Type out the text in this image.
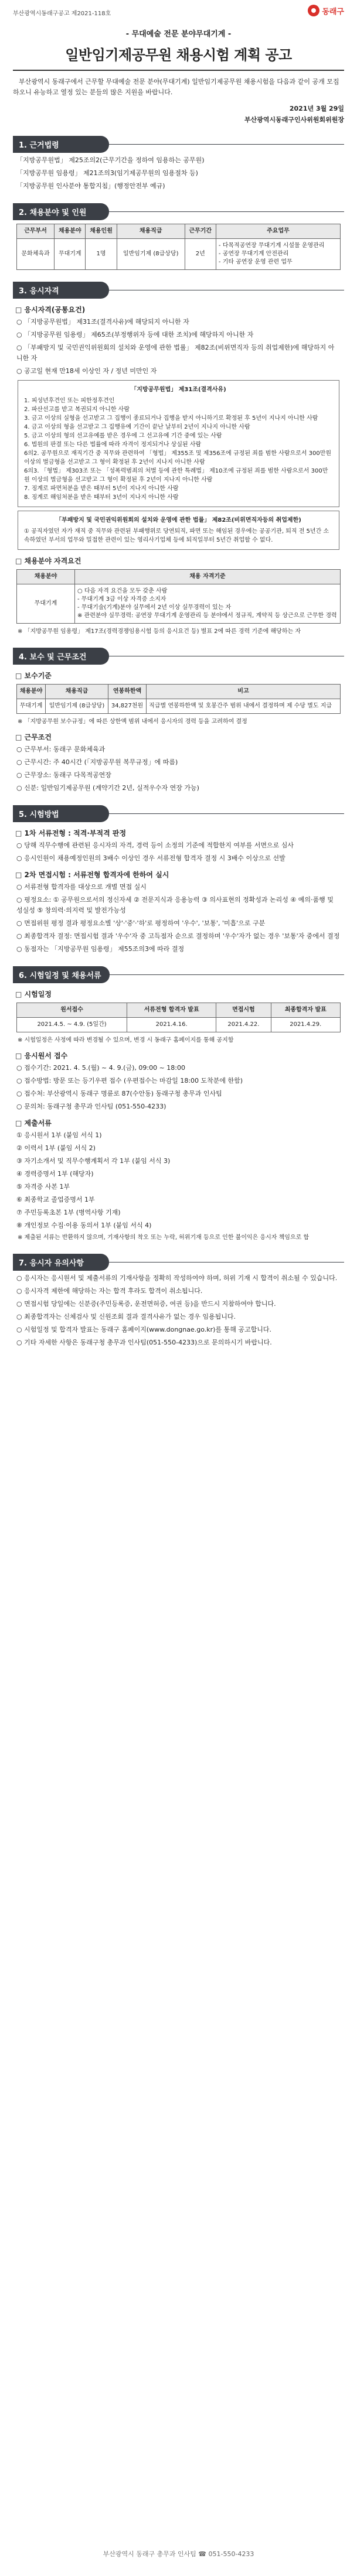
부산광역시동래구공고 제2021-118호	동래구
- 무대예술 전문 분야무대기계 -
일반임기제공무원 채용시험 계획 공고
부산광역시 동래구에서 근무할 무대예술 전문 분야(무대기계) 일반임기제공무원 채용시험을 다음과 같이 공개 모집하오니 유능하고 열정 있는 분들의 많은 지원을 바랍니다.
2021년 3월 29일
부산광역시동래구인사위원회위원장
1. 근거법령
「지방공무원법」 제25조의2(근무기간을 정하여 임용하는 공무원)
「지방공무원 임용령」 제21조의3(임기제공무원의 임용절차 등)
「지방공무원 인사분야 통합지침」(행정안전부 예규)
2. 채용분야 및 인원
근무부서	채용분야	채용인원	채용직급	근무기간	주요업무
문화체육과	무대기계	1명	일반임기제 (8급상당)	2년	- 다목적공연장 무대기계 시설물 운영관리
- 공연장 무대기계 안전관리
- 기타 공연장 운영 관련 업무
3. 응시자격
□ 응시자격(공통요건)
○ 「지방공무원법」 제31조(결격사유)에 해당되지 아니한 자
○ 「지방공무원 임용령」 제65조(부정행위자 등에 대한 조치)에 해당하지 아니한 자
○ 「부패방지 및 국민권익위원회의 설치와 운영에 관한 법률」 제82조(비위면직자 등의 취업제한)에 해당하지 아니한 자
○ 공고일 현재 만18세 이상인 자 / 정년 미만인 자
「지방공무원법」 제31조(결격사유)
1. 피성년후견인 또는 피한정후견인
2. 파산선고를 받고 복권되지 아니한 사람
3. 금고 이상의 실형을 선고받고 그 집행이 종료되거나 집행을 받지 아니하기로 확정된 후 5년이 지나지 아니한 사람
4. 금고 이상의 형을 선고받고 그 집행유예 기간이 끝난 날부터 2년이 지나지 아니한 사람
5. 금고 이상의 형의 선고유예를 받은 경우에 그 선고유예 기간 중에 있는 사람
6. 법원의 판결 또는 다른 법률에 따라 자격이 정지되거나 상실된 사람
6의2. 공무원으로 재직기간 중 직무와 관련하여 「형법」 제355조 및 제356조에 규정된 죄를 범한 사람으로서 300만원 이상의 벌금형을 선고받고 그 형이 확정된 후 2년이 지나지 아니한 사람
6의3. 「형법」 제303조 또는 「성폭력범죄의 처벌 등에 관한 특례법」 제10조에 규정된 죄를 범한 사람으로서 300만원 이상의 벌금형을 선고받고 그 형이 확정된 후 2년이 지나지 아니한 사람
7. 징계로 파면처분을 받은 때부터 5년이 지나지 아니한 사람
8. 징계로 해임처분을 받은 때부터 3년이 지나지 아니한 사람
「부패방지 및 국민권익위원회의 설치와 운영에 관한 법률」 제82조(비위면직자등의 취업제한)
① 공직자였던 자가 재직 중 직무와 관련된 부패행위로 당연퇴직, 파면 또는 해임된 경우에는 공공기관, 퇴직 전 5년간 소속하였던 부서의 업무와 밀접한 관련이 있는 영리사기업체 등에 퇴직일부터 5년간 취업할 수 없다.
□ 채용분야 자격요건
채용분야	채용 자격기준
무대기계	○ 다음 자격 요건을 모두 갖춘 사람
- 무대기계 3급 이상 자격증 소지자
- 무대기술(기계)분야 실무에서 2년 이상 실무경력이 있는 자
※ 관련분야 실무경력: 공연장 무대기계 운영관리 등 분야에서 정규직, 계약직 등 상근으로 근무한 경력
※ 「지방공무원 임용령」 제17조(경력경쟁임용시험 등의 응시요건 등) 별표 2에 따른 경력 기준에 해당하는 자
4. 보수 및 근무조건
□ 보수기준
채용분야	채용직급	연봉하한액	비고
무대기계	일반임기제 (8급상당)	34,827천원	직급별 연봉하한액 및 호봉간주 범위 내에서 결정하며 제 수당 별도 지급
※ 「지방공무원 보수규정」에 따른 상한액 범위 내에서 응시자의 경력 등을 고려하여 결정
□ 근무조건
○ 근무부서: 동래구 문화체육과
○ 근무시간: 주 40시간 (「지방공무원 복무규정」에 따름)
○ 근무장소: 동래구 다목적공연장
○ 신분: 일반임기제공무원 (계약기간 2년, 실적우수자 연장 가능)
5. 시험방법
□ 1차 서류전형 : 적격·부적격 판정
○ 당해 직무수행에 관련된 응시자의 자격, 경력 등이 소정의 기준에 적합한지 여부를 서면으로 심사
○ 응시인원이 채용예정인원의 3배수 이상인 경우 서류전형 합격자 결정 시 3배수 이상으로 선발
□ 2차 면접시험 : 서류전형 합격자에 한하여 실시
○ 서류전형 합격자를 대상으로 개별 면접 실시
○ 평정요소: ① 공무원으로서의 정신자세 ② 전문지식과 응용능력 ③ 의사표현의 정확성과 논리성 ④ 예의·품행 및 성실성 ⑤ 창의력·의지력 및 발전가능성
○ 면접위원 평정 결과 평정요소별 '상'·'중'·'하'로 평정하여 '우수', '보통', '미흡'으로 구분
○ 최종합격자 결정: 면접시험 결과 '우수'자 중 고득점자 순으로 결정하며 '우수'자가 없는 경우 '보통'자 중에서 결정
○ 동점자는 「지방공무원 임용령」 제55조의3에 따라 결정
6. 시험일정 및 채용서류
□ 시험일정
원서접수	서류전형 합격자 발표	면접시험	최종합격자 발표
2021.4.5. ~ 4.9. (5일간)	2021.4.16.	2021.4.22.	2021.4.29.
※ 시험일정은 사정에 따라 변경될 수 있으며, 변경 시 동래구 홈페이지를 통해 공지함
□ 응시원서 접수
○ 접수기간: 2021. 4. 5.(월) ~ 4. 9.(금), 09:00 ~ 18:00
○ 접수방법: 방문 또는 등기우편 접수 (우편접수는 마감일 18:00 도착분에 한함)
○ 접수처: 부산광역시 동래구 명륜로 87(수안동) 동래구청 총무과 인사팀
○ 문의처: 동래구청 총무과 인사팀 (051-550-4233)
□ 제출서류
① 응시원서 1부 (붙임 서식 1)
② 이력서 1부 (붙임 서식 2)
③ 자기소개서 및 직무수행계획서 각 1부 (붙임 서식 3)
④ 경력증명서 1부 (해당자)
⑤ 자격증 사본 1부
⑥ 최종학교 졸업증명서 1부
⑦ 주민등록초본 1부 (병역사항 기재)
⑧ 개인정보 수집·이용 동의서 1부 (붙임 서식 4)
※ 제출된 서류는 반환하지 않으며, 기재사항의 착오 또는 누락, 허위기재 등으로 인한 불이익은 응시자 책임으로 함
7. 응시자 유의사항
○ 응시자는 응시원서 및 제출서류의 기재사항을 정확히 작성하여야 하며, 허위 기재 시 합격이 취소될 수 있습니다.
○ 응시자격 제한에 해당하는 자는 합격 후라도 합격이 취소됩니다.
○ 면접시험 당일에는 신분증(주민등록증, 운전면허증, 여권 등)을 반드시 지참하여야 합니다.
○ 최종합격자는 신체검사 및 신원조회 결과 결격사유가 없는 경우 임용됩니다.
○ 시험일정 및 합격자 발표는 동래구 홈페이지(www.dongnae.go.kr)를 통해 공고합니다.
○ 기타 자세한 사항은 동래구청 총무과 인사팀(051-550-4233)으로 문의하시기 바랍니다.
부산광역시 동래구 총무과 인사팀 ☎ 051-550-4233
